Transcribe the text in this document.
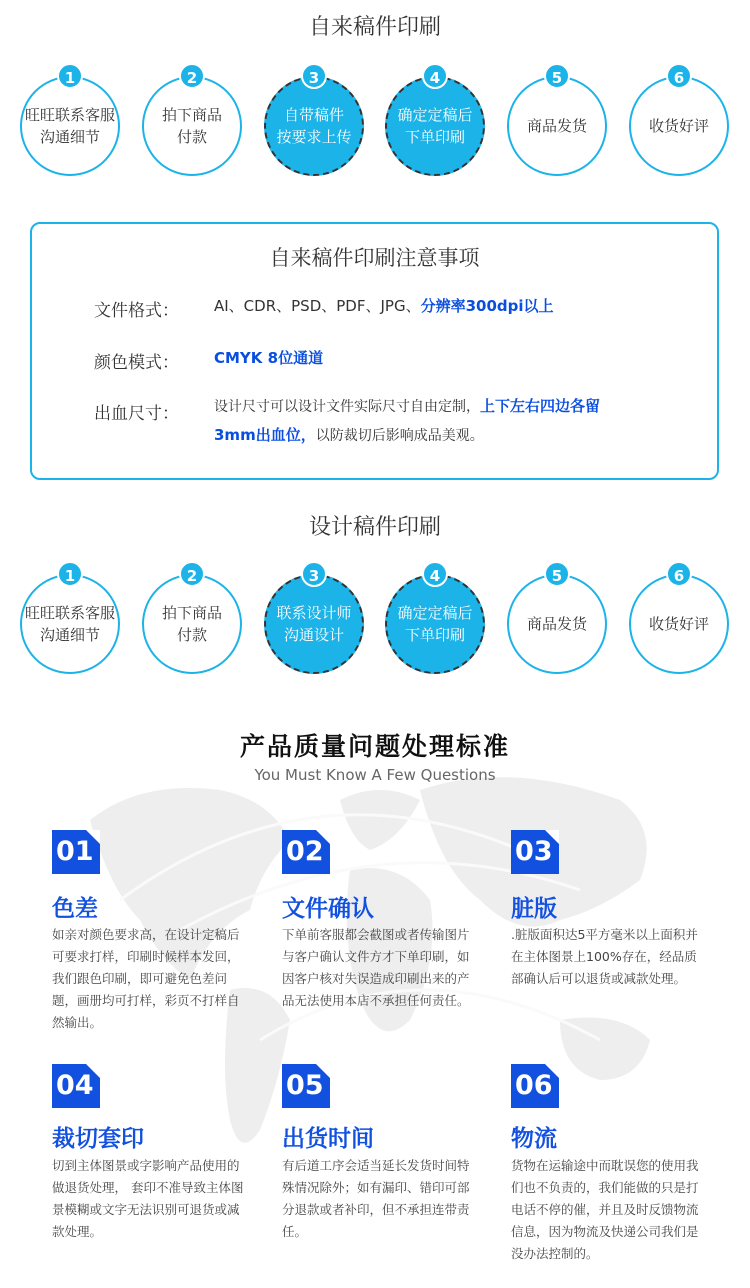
自来稿件印刷
旺旺联系客服
沟通细节
1
拍下商品
付款
2
自带稿件
按要求上传
3
确定定稿后
下单印刷
4
商品发货
5
收货好评
6
自来稿件印刷注意事项
文件格式： AI、CDR、PSD、PDF、JPG、分辨率300dpi以上
颜色模式： CMYK 8位通道
出血尺寸：	设计尺寸可以设计文件实际尺寸自由定制，上下左右四边各留
3mm出血位，以防裁切后影响成品美观。
设计稿件印刷
旺旺联系客服
沟通细节
1
拍下商品
付款
2
联系设计师
沟通设计
3
确定定稿后
下单印刷
4
商品发货
5
收货好评
6
产品质量问题处理标准
You Must Know A Few Questions
01
色差
如亲对颜色要求高，在设计定稿后可要求打样，印刷时候样本发回，我们跟色印刷，即可避免色差问题，画册均可打样，彩页不打样自然输出。
02
文件确认
下单前客服都会截图或者传输图片与客户确认文件方才下单印刷，如因客户核对失误造成印刷出来的产品无法使用本店不承担任何责任。
03
脏版
.脏版面积达5平方毫米以上面积并在主体图景上100%存在，经品质部确认后可以退货或减款处理。
04
裁切套印
切到主体图景或字影响产品使用的做退货处理， 套印不准导致主体图景模糊或文字无法识别可退货或减款处理。
05
出货时间
有后道工序会适当延长发货时间特殊情况除外；如有漏印、错印可部分退款或者补印，但不承担连带责任。
06
物流
货物在运输途中而耽误您的使用我们也不负责的，我们能做的只是打电话不停的催，并且及时反馈物流信息，因为物流及快递公司我们是没办法控制的。
